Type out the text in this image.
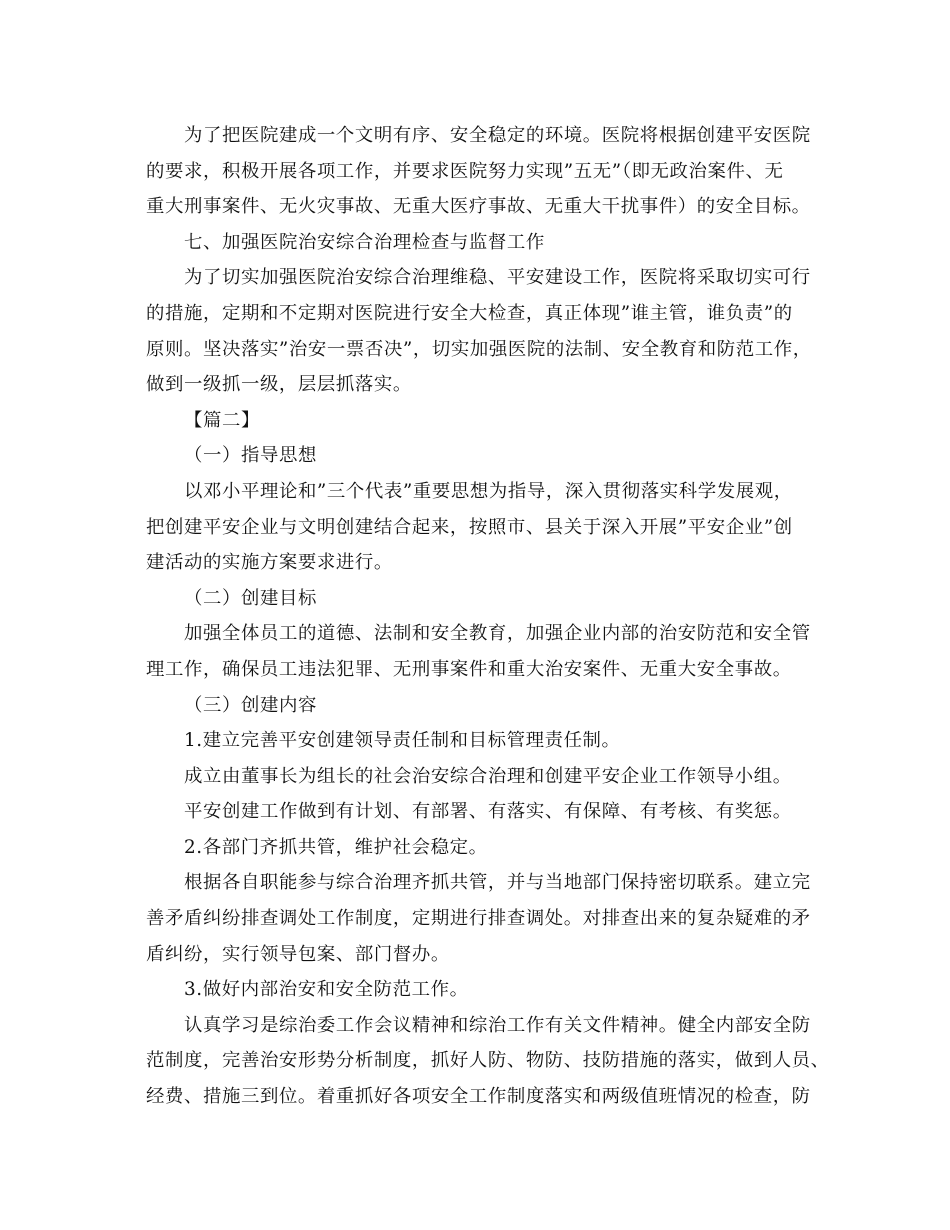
为了把医院建成一个文明有序、安全稳定的环境。医院将根据创建平安医院
的要求，积极开展各项工作，并要求医院努力实现”五无”（即无政治案件、无
重大刑事案件、无火灾事故、无重大医疗事故、无重大干扰事件）的安全目标。
七、加强医院治安综合治理检查与监督工作
为了切实加强医院治安综合治理维稳、平安建设工作，医院将采取切实可行
的措施，定期和不定期对医院进行安全大检查，真正体现”谁主管，谁负责”的
原则。坚决落实”治安一票否决”，切实加强医院的法制、安全教育和防范工作，
做到一级抓一级，层层抓落实。
【篇二】
（一）指导思想
以邓小平理论和”三个代表”重要思想为指导，深入贯彻落实科学发展观，
把创建平安企业与文明创建结合起来，按照市、县关于深入开展”平安企业”创
建活动的实施方案要求进行。
（二）创建目标
加强全体员工的道德、法制和安全教育，加强企业内部的治安防范和安全管
理工作，确保员工违法犯罪、无刑事案件和重大治安案件、无重大安全事故。
（三）创建内容
1.建立完善平安创建领导责任制和目标管理责任制。
成立由董事长为组长的社会治安综合治理和创建平安企业工作领导小组。
平安创建工作做到有计划、有部署、有落实、有保障、有考核、有奖惩。
2.各部门齐抓共管，维护社会稳定。
根据各自职能参与综合治理齐抓共管，并与当地部门保持密切联系。建立完
善矛盾纠纷排查调处工作制度，定期进行排查调处。对排查出来的复杂疑难的矛
盾纠纷，实行领导包案、部门督办。
3.做好内部治安和安全防范工作。
认真学习是综治委工作会议精神和综治工作有关文件精神。健全内部安全防
范制度，完善治安形势分析制度，抓好人防、物防、技防措施的落实，做到人员、
经费、措施三到位。着重抓好各项安全工作制度落实和两级值班情况的检查，防
